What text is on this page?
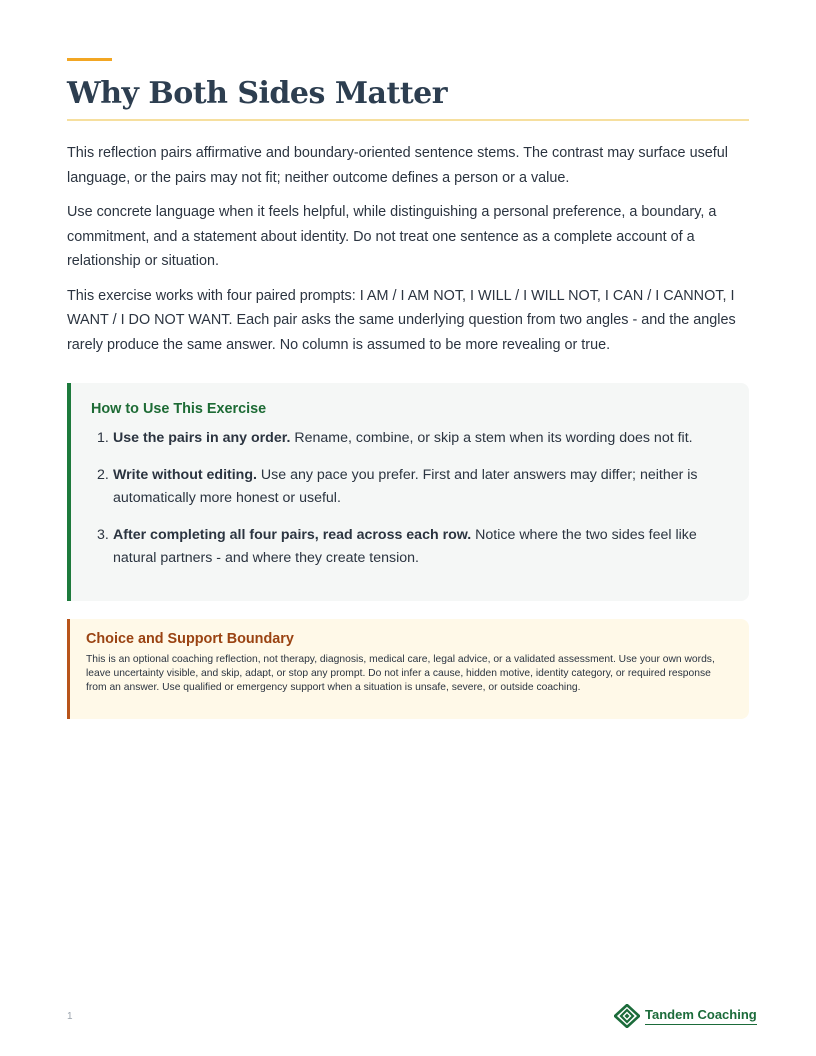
Why Both Sides Matter

This reflection pairs affirmative and boundary-oriented sentence stems. The contrast may surface useful language, or the pairs may not fit; neither outcome defines a person or a value.

Use concrete language when it feels helpful, while distinguishing a personal preference, a boundary, a commitment, and a statement about identity. Do not treat one sentence as a complete account of a relationship or situation.

This exercise works with four paired prompts: I AM / I AM NOT, I WILL / I WILL NOT, I CAN / I CANNOT, I WANT / I DO NOT WANT. Each pair asks the same underlying question from two angles - and the angles rarely produce the same answer. No column is assumed to be more revealing or true.

How to Use This Exercise
1. Use the pairs in any order. Rename, combine, or skip a stem when its wording does not fit.
2. Write without editing. Use any pace you prefer. First and later answers may differ; neither is automatically more honest or useful.
3. After completing all four pairs, read across each row. Notice where the two sides feel like natural partners - and where they create tension.
Choice and Support Boundary

This is an optional coaching reflection, not therapy, diagnosis, medical care, legal advice, or a validated assessment. Use your own words, leave uncertainty visible, and skip, adapt, or stop any prompt. Do not infer a cause, hidden motive, identity category, or required response from an answer. Use qualified or emergency support when a situation is unsafe, severe, or outside coaching.

1	Tandem Coaching
